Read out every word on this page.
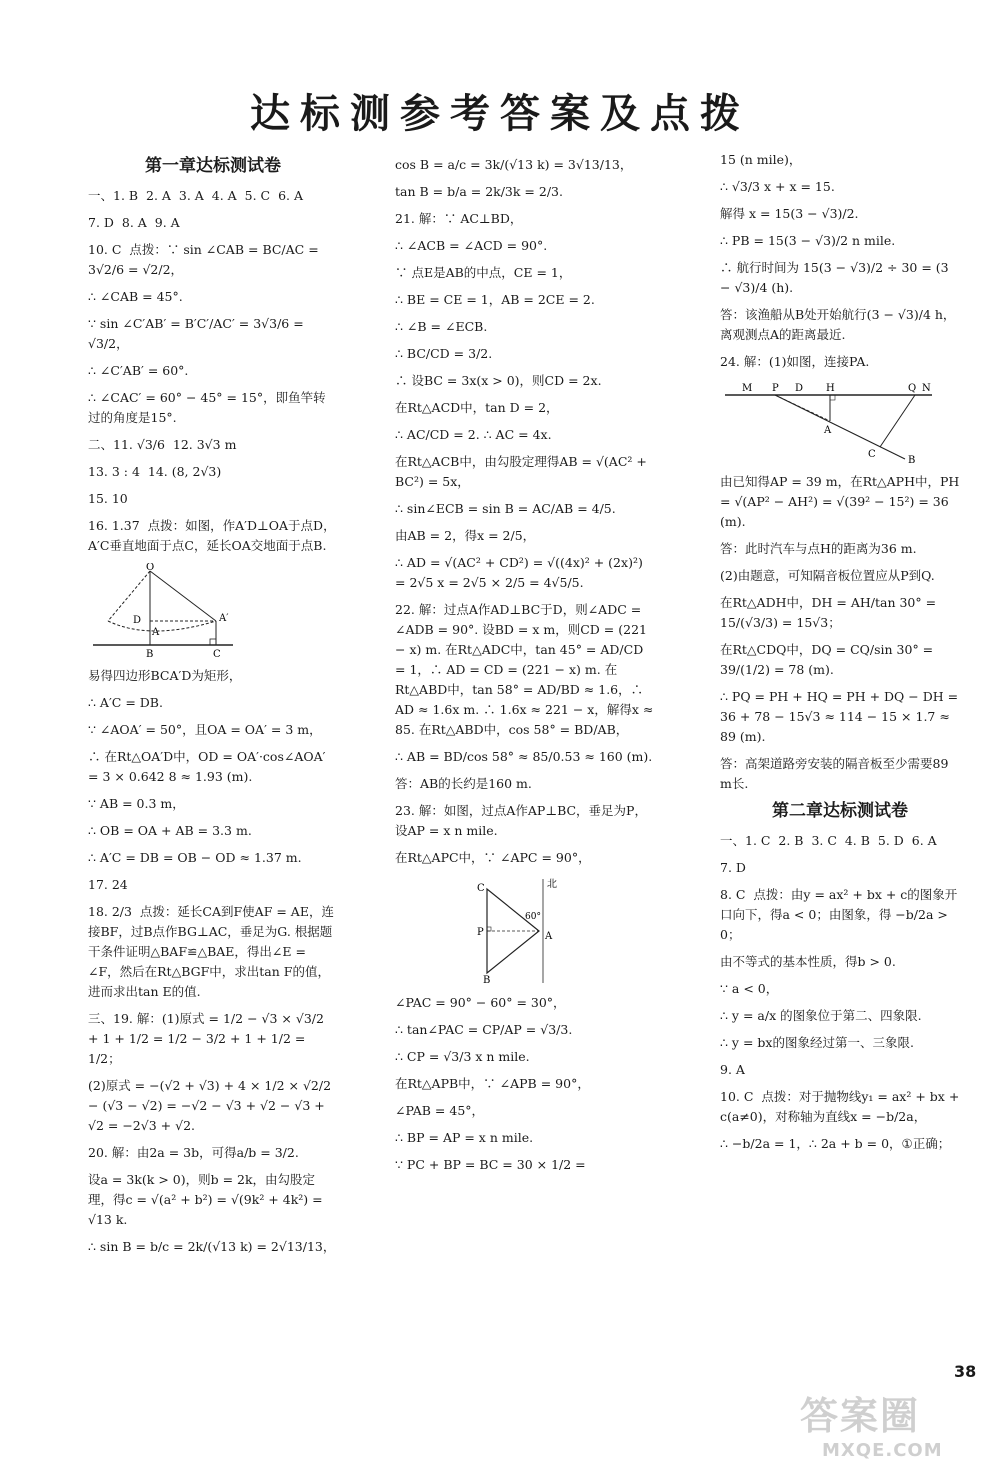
达标测参考答案及点拨
第一章达标测试卷
一、1. B  2. A  3. A  4. A  5. C  6. A
7. D  8. A  9. A
10. C  点拨：∵ sin ∠CAB = BC/AC = 3√2/6 = √2/2，
∴ ∠CAB = 45°.
∵ sin ∠C′AB′ = B′C′/AC′ = 3√3/6 = √3/2，
∴ ∠C′AB′ = 60°.
∴ ∠CAC′ = 60° − 45° = 15°，即鱼竿转过的角度是15°.
二、11. √3/6  12. 3√3 m
13. 3 : 4  14. (8, 2√3)
15. 10
16. 1.37  点拨：如图，作A′D⊥OA于点D，A′C垂直地面于点C，延长OA交地面于点B.
O
D
A
A′
B	C
易得四边形BCA′D为矩形，
∴ A′C = DB.
∵ ∠AOA′ = 50°，且OA = OA′ = 3 m，
∴ 在Rt△OA′D中，OD = OA′·cos∠AOA′ = 3 × 0.642 8 ≈ 1.93 (m).
∵ AB = 0.3 m，
∴ OB = OA + AB = 3.3 m.
∴ A′C = DB = OB − OD ≈ 1.37 m.
17. 24
18. 2/3  点拨：延长CA到F使AF = AE，连接BF，过B点作BG⊥AC，垂足为G. 根据题干条件证明△BAF≌△BAE，得出∠E = ∠F，然后在Rt△BGF中，求出tan F的值，进而求出tan E的值.
三、19. 解：(1)原式 = 1/2 − √3 × √3/2 + 1 + 1/2 = 1/2 − 3/2 + 1 + 1/2 = 1/2；
(2)原式 = −(√2 + √3) + 4 × 1/2 × √2/2 − (√3 − √2) = −√2 − √3 + √2 − √3 + √2 = −2√3 + √2.
20. 解：由2a = 3b，可得a/b = 3/2.
设a = 3k(k > 0)，则b = 2k，由勾股定理，得c = √(a² + b²) = √(9k² + 4k²) = √13 k.
∴ sin B = b/c = 2k/(√13 k) = 2√13/13，
cos B = a/c = 3k/(√13 k) = 3√13/13，
tan B = b/a = 2k/3k = 2/3.
21. 解：∵ AC⊥BD，
∴ ∠ACB = ∠ACD = 90°.
∵ 点E是AB的中点，CE = 1，
∴ BE = CE = 1，AB = 2CE = 2.
∴ ∠B = ∠ECB.
∴ BC/CD = 3/2.
∴ 设BC = 3x(x > 0)，则CD = 2x.
在Rt△ACD中，tan D = 2，
∴ AC/CD = 2. ∴ AC = 4x.
在Rt△ACB中，由勾股定理得AB = √(AC² + BC²) = 5x，
∴ sin∠ECB = sin B = AC/AB = 4/5.
由AB = 2，得x = 2/5，
∴ AD = √(AC² + CD²) = √((4x)² + (2x)²) = 2√5 x = 2√5 × 2/5 = 4√5/5.
22. 解：过点A作AD⊥BC于D，则∠ADC = ∠ADB = 90°. 设BD = x m，则CD = (221 − x) m. 在Rt△ADC中，tan 45° = AD/CD = 1，∴ AD = CD = (221 − x) m. 在Rt△ABD中，tan 58° = AD/BD ≈ 1.6，∴ AD ≈ 1.6x m. ∴ 1.6x ≈ 221 − x，解得x ≈ 85. 在Rt△ABD中，cos 58° = BD/AB，
∴ AB = BD/cos 58° ≈ 85/0.53 ≈ 160 (m).
答：AB的长约是160 m.
23. 解：如图，过点A作AP⊥BC，垂足为P，设AP = x n mile.
在Rt△APC中，∵ ∠APC = 90°，
北
C
60°
P	A
B
∠PAC = 90° − 60° = 30°，
∴ tan∠PAC = CP/AP = √3/3.
∴ CP = √3/3 x n mile.
在Rt△APB中，∵ ∠APB = 90°，
∠PAB = 45°，
∴ BP = AP = x n mile.
∵ PC + BP = BC = 30 × 1/2 =
15 (n mile)，
∴ √3/3 x + x = 15.
解得 x = 15(3 − √3)/2.
∴ PB = 15(3 − √3)/2 n mile.
∴ 航行时间为 15(3 − √3)/2 ÷ 30 = (3 − √3)/4 (h).
答：该渔船从B处开始航行(3 − √3)/4 h，离观测点A的距离最近.
24. 解：(1)如图，连接PA.
M P D H	Q N
A
C
B
由已知得AP = 39 m，在Rt△APH中，PH = √(AP² − AH²) = √(39² − 15²) = 36 (m).
答：此时汽车与点H的距离为36 m.
(2)由题意，可知隔音板位置应从P到Q.
在Rt△ADH中，DH = AH/tan 30° = 15/(√3/3) = 15√3；
在Rt△CDQ中，DQ = CQ/sin 30° = 39/(1/2) = 78 (m).
∴ PQ = PH + HQ = PH + DQ − DH = 36 + 78 − 15√3 ≈ 114 − 15 × 1.7 ≈ 89 (m).
答：高架道路旁安装的隔音板至少需要89 m长.
第二章达标测试卷
一、1. C  2. B  3. C  4. B  5. D  6. A
7. D
8. C  点拨：由y = ax² + bx + c的图象开口向下，得a < 0；由图象，得 −b/2a > 0；
由不等式的基本性质，得b > 0.
∵ a < 0，
∴ y = a/x 的图象位于第二、四象限.
∴ y = bx的图象经过第一、三象限.
9. A
10. C  点拨：对于抛物线y₁ = ax² + bx + c(a≠0)，对称轴为直线x = −b/2a，
∴ −b/2a = 1，∴ 2a + b = 0，①正确；
38
答案圈
MXQE.COM
